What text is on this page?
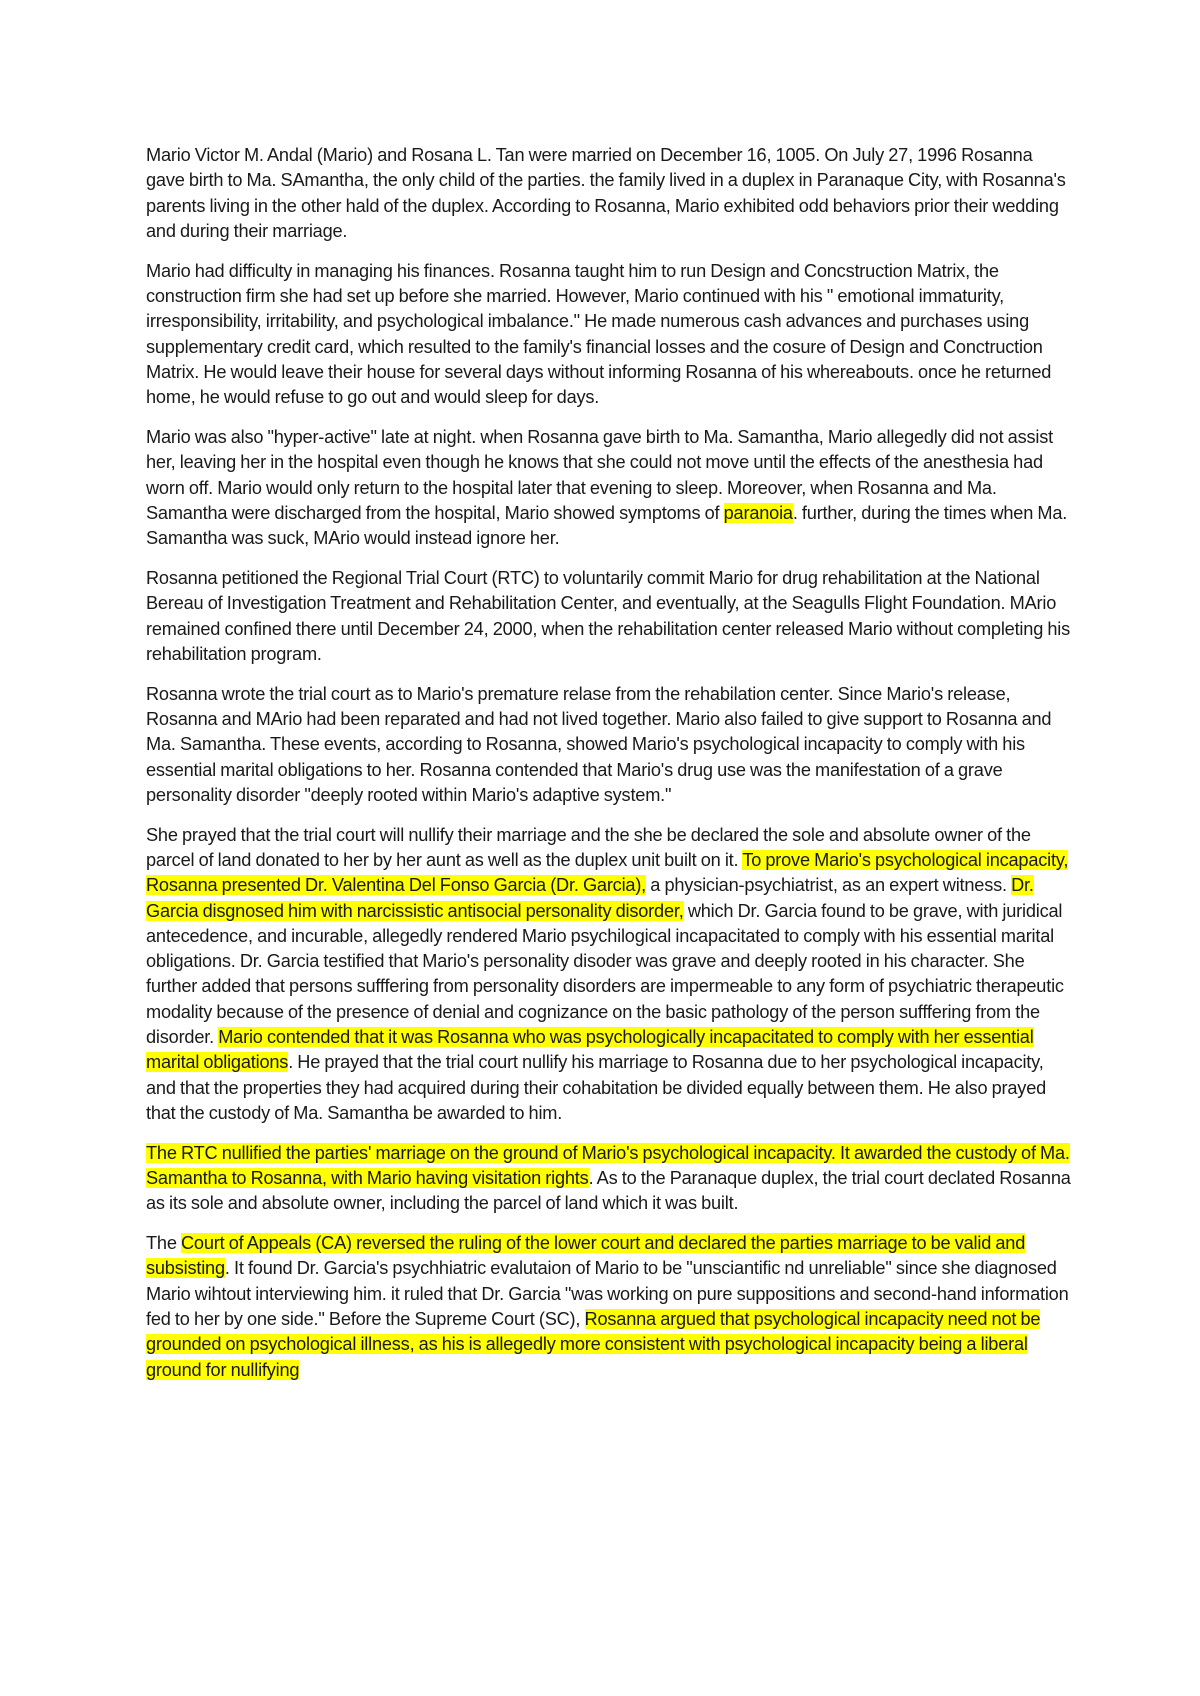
Mario Victor M. Andal (Mario) and Rosana L. Tan were married on December 16, 1005. On July 27, 1996 Rosanna gave birth to Ma. SAmantha, the only child of the parties. the family lived in a duplex in Paranaque City, with Rosanna's parents living in the other hald of the duplex. According to Rosanna, Mario exhibited odd behaviors prior their wedding and during their marriage.

Mario had difficulty in managing his finances. Rosanna taught him to run Design and Concstruction Matrix, the construction firm she had set up before she married. However, Mario continued with his " emotional immaturity, irresponsibility, irritability, and psychological imbalance." He made numerous cash advances and purchases using supplementary credit card, which resulted to the family's financial losses and the cosure of Design and Conctruction Matrix. He would leave their house for several days without informing Rosanna of his whereabouts. once he returned home, he would refuse to go out and would sleep for days.

Mario was also "hyper-active" late at night. when Rosanna gave birth to Ma. Samantha, Mario allegedly did not assist her, leaving her in the hospital even though he knows that she could not move until the effects of the anesthesia had worn off. Mario would only return to the hospital later that evening to sleep. Moreover, when Rosanna and Ma. Samantha were discharged from the hospital, Mario showed symptoms of paranoia. further, during the times when Ma. Samantha was suck, MArio would instead ignore her.

Rosanna petitioned the Regional Trial Court (RTC) to voluntarily commit Mario for drug rehabilitation at the National Bereau of Investigation Treatment and Rehabilitation Center, and eventually, at the Seagulls Flight Foundation. MArio remained confined there until December 24, 2000, when the rehabilitation center released Mario without completing his rehabilitation program.

Rosanna wrote the trial court as to Mario's premature relase from the rehabilation center. Since Mario's release, Rosanna and MArio had been reparated and had not lived together. Mario also failed to give support to Rosanna and Ma. Samantha. These events, according to Rosanna, showed Mario's psychological incapacity to comply with his essential marital obligations to her. Rosanna contended that Mario's drug use was the manifestation of a grave personality disorder "deeply rooted within Mario's adaptive system."

She prayed that the trial court will nullify their marriage and the she be declared the sole and absolute owner of the parcel of land donated to her by her aunt as well as the duplex unit built on it. To prove Mario's psychological incapacity, Rosanna presented Dr. Valentina Del Fonso Garcia (Dr. Garcia), a physician-psychiatrist, as an expert witness. Dr. Garcia disgnosed him with narcissistic antisocial personality disorder, which Dr. Garcia found to be grave, with juridical antecedence, and incurable, allegedly rendered Mario psychilogical incapacitated to comply with his essential marital obligations. Dr. Garcia testified that Mario's personality disoder was grave and deeply rooted in his character. She further added that persons sufffering from personality disorders are impermeable to any form of psychiatric therapeutic modality because of the presence of denial and cognizance on the basic pathology of the person sufffering from the disorder. Mario contended that it was Rosanna who was psychologically incapacitated to comply with her essential marital obligations. He prayed that the trial court nullify his marriage to Rosanna due to her psychological incapacity, and that the properties they had acquired during their cohabitation be divided equally between them. He also prayed that the custody of Ma. Samantha be awarded to him.

The RTC nullified the parties' marriage on the ground of Mario's psychological incapacity. It awarded the custody of Ma. Samantha to Rosanna, with Mario having visitation rights. As to the Paranaque duplex, the trial court declated Rosanna as its sole and absolute owner, including the parcel of land which it was built.

The Court of Appeals (CA) reversed the ruling of the lower court and declared the parties marriage to be valid and subsisting. It found Dr. Garcia's psychhiatric evalutaion of Mario to be "unsciantific nd unreliable" since she diagnosed Mario wihtout interviewing him. it ruled that Dr. Garcia "was working on pure suppositions and second-hand information fed to her by one side." Before the Supreme Court (SC), Rosanna argued that psychological incapacity need not be grounded on psychological illness, as his is allegedly more consistent with psychological incapacity being a liberal ground for nullifying
